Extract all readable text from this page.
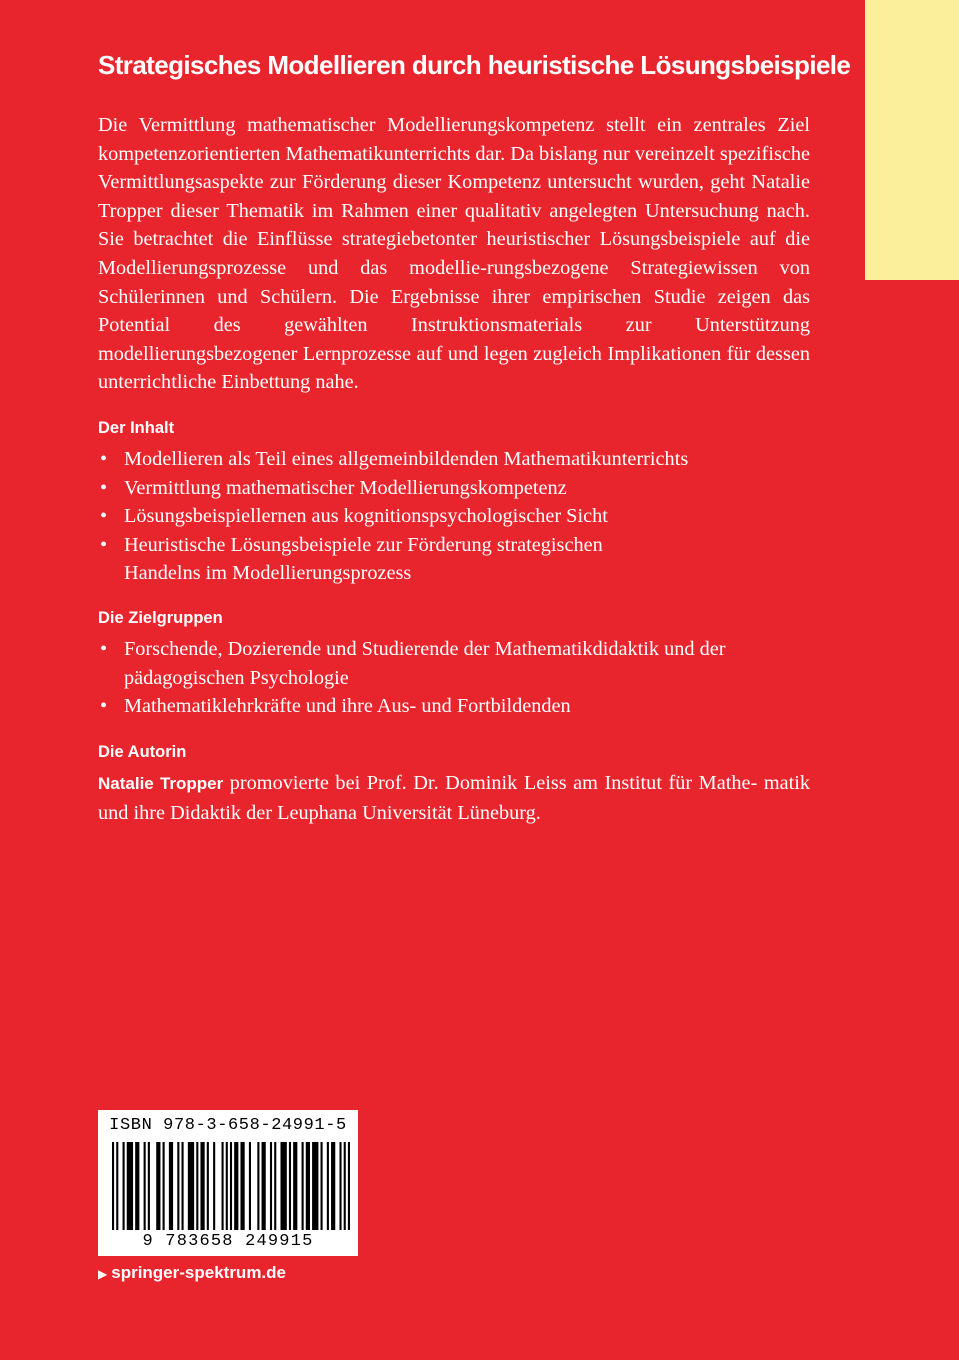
Strategisches Modellieren durch heuristische Lösungsbeispiele
Die Vermittlung mathematischer Modellierungskompetenz stellt ein zentrales Ziel kompetenzorientierten Mathematikunterrichts dar. Da bislang nur vereinzelt spezifische Vermittlungsaspekte zur Förderung dieser Kompetenz untersucht wurden, geht Natalie Tropper dieser Thematik im Rahmen einer qualitativ angelegten Untersuchung nach. Sie betrachtet die Einflüsse strategiebetonter heuristischer Lösungsbeispiele auf die Modellierungsprozesse und das modellie-rungsbezogene Strategiewissen von Schülerinnen und Schülern. Die Ergebnisse ihrer empirischen Studie zeigen das Potential des gewählten Instruktionsmaterials zur Unterstützung modellierungsbezogener Lernprozesse auf und legen zugleich Implikationen für dessen unterrichtliche Einbettung nahe.
Der Inhalt
• Modellieren als Teil eines allgemeinbildenden Mathematikunterrichts
• Vermittlung mathematischer Modellierungskompetenz
• Lösungsbeispiellernen aus kognitionspsychologischer Sicht
• Heuristische Lösungsbeispiele zur Förderung strategischen Handelns im Modellierungsprozess
Die Zielgruppen
• Forschende, Dozierende und Studierende der Mathematikdidaktik und der pädagogischen Psychologie
• Mathematiklehrkräfte und ihre Aus- und Fortbildenden
Die Autorin
Natalie Tropper promovierte bei Prof. Dr. Dominik Leiss am Institut für Mathe- matik und ihre Didaktik der Leuphana Universität Lüneburg.
ISBN 978-3-658-24991-5
9 783658 249915
▶ springer-spektrum.de
